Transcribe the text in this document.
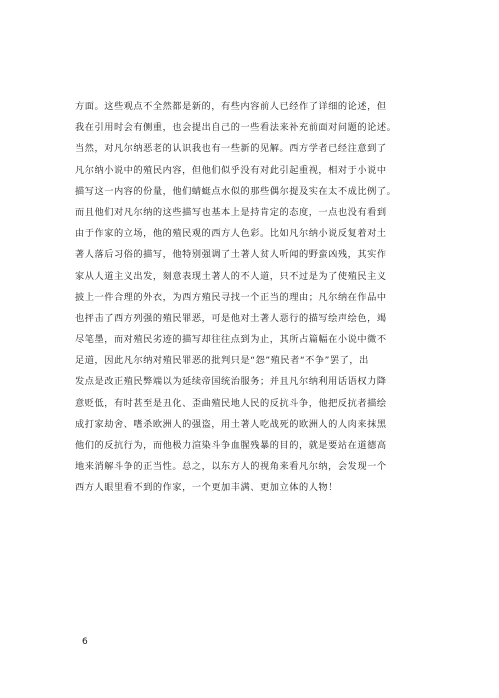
方面。这些观点不全然都是新的，有些内容前人已经作了详细的论述，但
我在引用时会有侧重，也会提出自己的一些看法来补充前面对问题的论述。
当然，对凡尔纳恶老的认识我也有一些新的见解。西方学者已经注意到了
凡尔纳小说中的殖民内容，但他们似乎没有对此引起重视，相对于小说中
描写这一内容的份量，他们蜻蜓点水似的那些偶尔提及实在太不成比例了。
而且他们对凡尔纳的这些描写也基本上是持肯定的态度，一点也没有看到
由于作家的立场，他的殖民观的西方人色彩。比如凡尔纳小说反复着对土
著人落后习俗的描写，他特别强调了土著人贫人听闻的野蛮凶残，其实作
家从人道主义出发，刻意表现土著人的不人道，只不过是为了使殖民主义
披上一件合理的外衣，为西方殖民寻找一个正当的理由；凡尔纳在作品中
也抨击了西方列强的殖民罪恶，可是他对土著人惡行的描写绘声绘色，竭
尽笔墨，而对殖民劣迹的描写却往往点到为止，其所占篇幅在小说中微不
足道，因此凡尔纳对殖民罪恶的批判只是“怨”殖民者“不争”罢了，出
发点是改正殖民弊端以为延续帝国统治服务；并且凡尔纳利用话语权力降
意贬低，有时甚至是丑化、歪曲殖民地人民的反抗斗争，他把反抗者描绘
成打家劫舍、嗜杀欧洲人的强盗，用土著人吃战死的欧洲人的人肉来抹黑
他们的反抗行为，而他极力渲染斗争血腥残暴的目的，就是要站在道德高
地来消解斗争的正当性。总之，以东方人的视角来看凡尔纳，会发现一个
西方人眼里看不到的作家，一个更加丰满、更加立体的人物！
6
